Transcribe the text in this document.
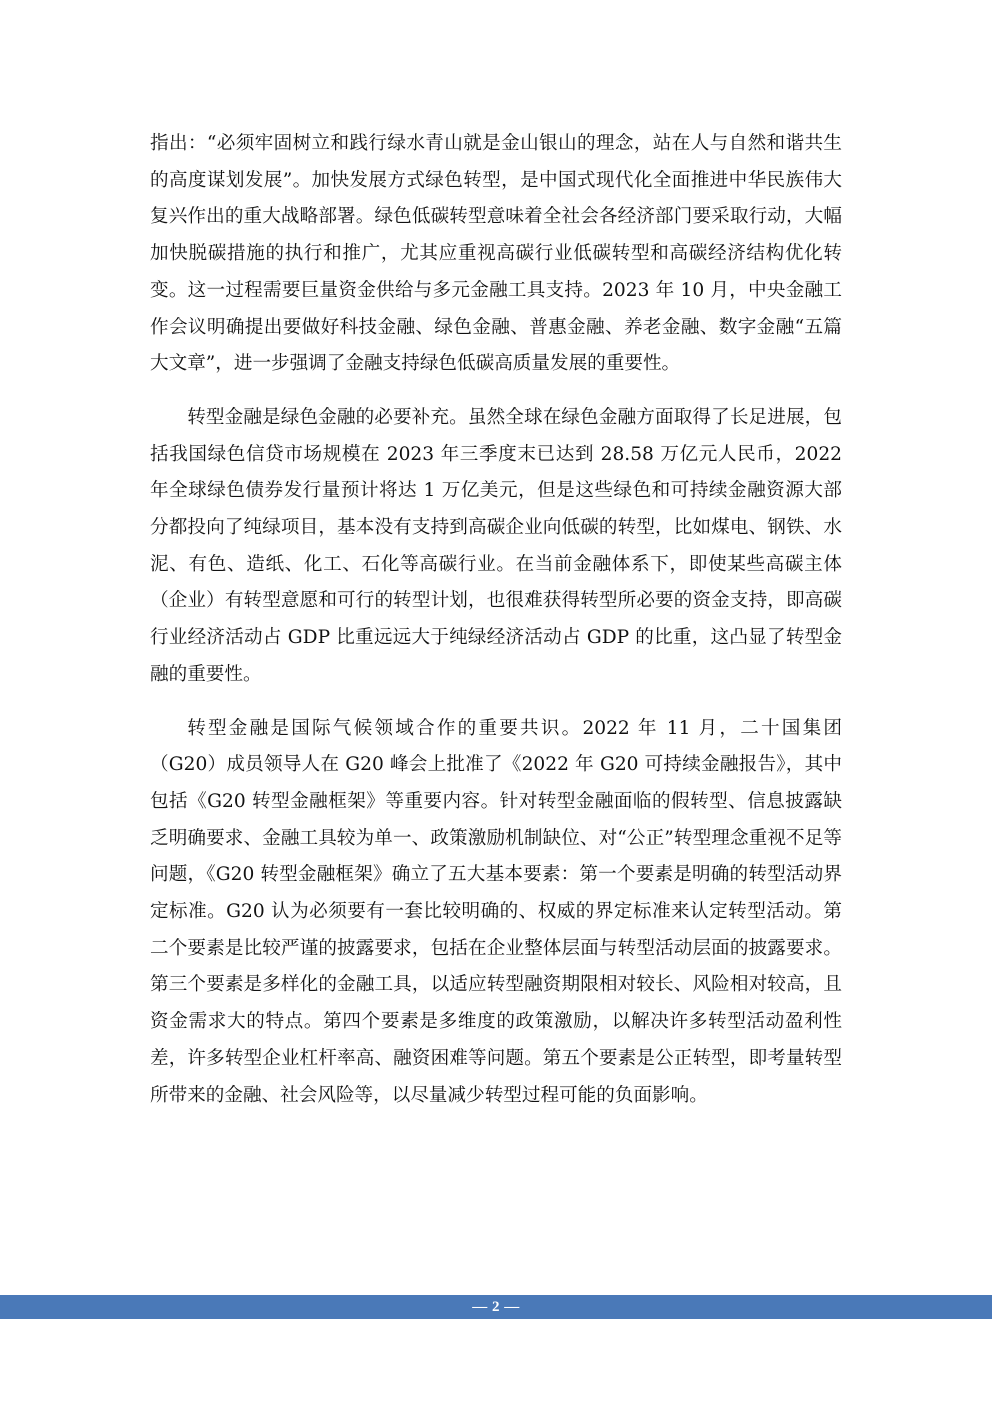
指出：“必须牢固树立和践行绿水青山就是金山银山的理念，站在人与自然和谐共生的高度谋划发展”。加快发展方式绿色转型，是中国式现代化全面推进中华民族伟大复兴作出的重大战略部署。绿色低碳转型意味着全社会各经济部门要采取行动，大幅加快脱碳措施的执行和推广，尤其应重视高碳行业低碳转型和高碳经济结构优化转变。这一过程需要巨量资金供给与多元金融工具支持。2023 年 10 月，中央金融工作会议明确提出要做好科技金融、绿色金融、普惠金融、养老金融、数字金融“五篇大文章”，进一步强调了金融支持绿色低碳高质量发展的重要性。

转型金融是绿色金融的必要补充。虽然全球在绿色金融方面取得了长足进展，包括我国绿色信贷市场规模在 2023 年三季度末已达到 28.58 万亿元人民币，2022 年全球绿色债券发行量预计将达 1 万亿美元，但是这些绿色和可持续金融资源大部分都投向了纯绿项目，基本没有支持到高碳企业向低碳的转型，比如煤电、钢铁、水泥、有色、造纸、化工、石化等高碳行业。在当前金融体系下，即使某些高碳主体（企业）有转型意愿和可行的转型计划，也很难获得转型所必要的资金支持，即高碳行业经济活动占 GDP 比重远远大于纯绿经济活动占 GDP 的比重，这凸显了转型金融的重要性。

转型金融是国际气候领域合作的重要共识。2022 年 11 月，二十国集团（G20）成员领导人在 G20 峰会上批准了《2022 年 G20 可持续金融报告》，其中包括《G20 转型金融框架》等重要内容。针对转型金融面临的假转型、信息披露缺乏明确要求、金融工具较为单一、政策激励机制缺位、对“公正”转型理念重视不足等问题，《G20 转型金融框架》确立了五大基本要素：第一个要素是明确的转型活动界定标准。G20 认为必须要有一套比较明确的、权威的界定标准来认定转型活动。第二个要素是比较严谨的披露要求，包括在企业整体层面与转型活动层面的披露要求。第三个要素是多样化的金融工具，以适应转型融资期限相对较长、风险相对较高，且资金需求大的特点。第四个要素是多维度的政策激励，以解决许多转型活动盈利性差，许多转型企业杠杆率高、融资困难等问题。第五个要素是公正转型，即考量转型所带来的金融、社会风险等，以尽量减少转型过程可能的负面影响。

— 2 —
